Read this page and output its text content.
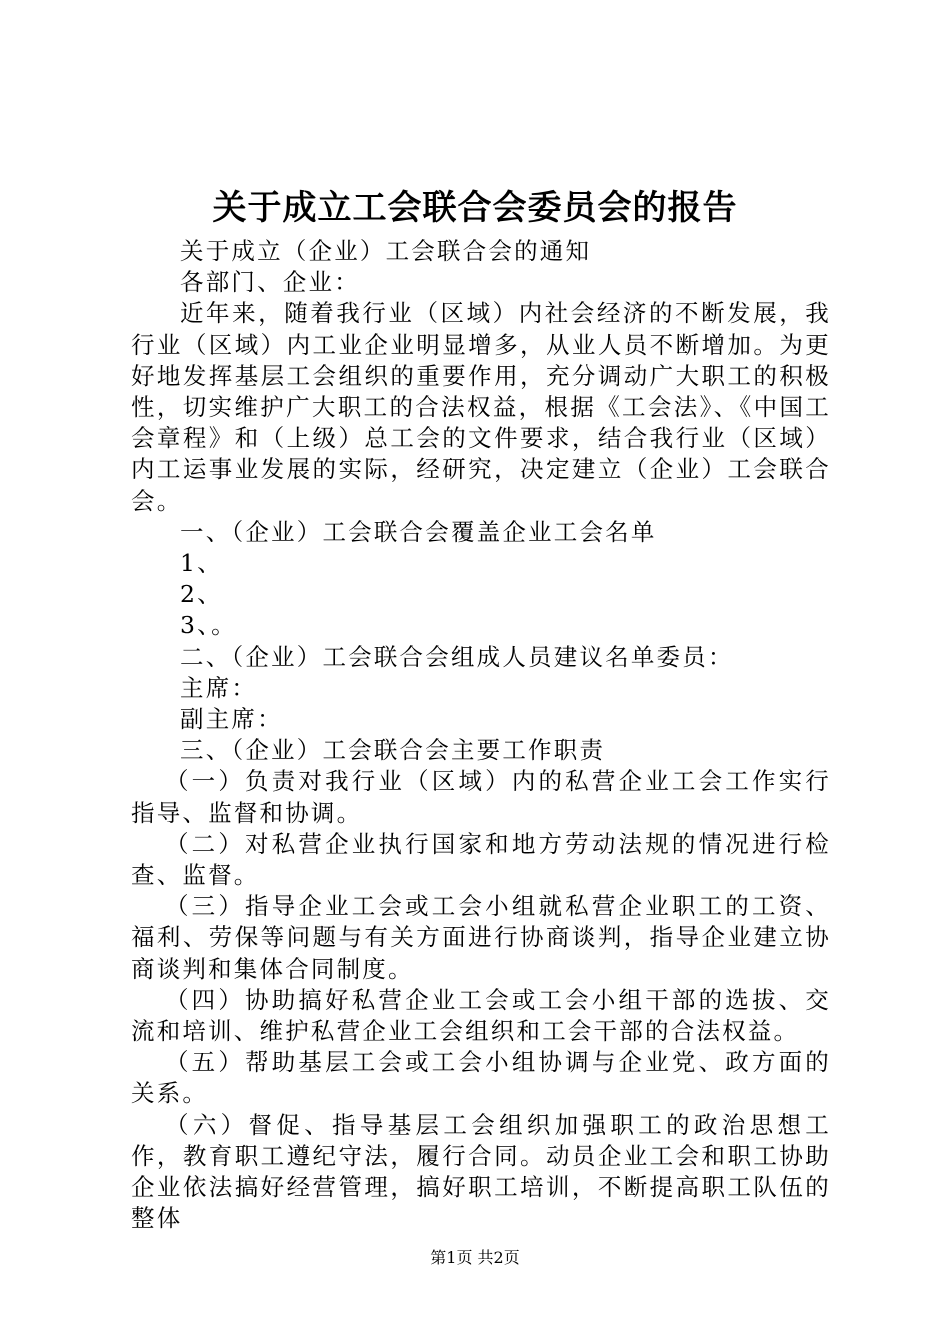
关于成立工会联合会委员会的报告

关于成立（企业）工会联合会的通知

各部门、企业：

近年来，随着我行业（区域）内社会经济的不断发展，我行业（区域）内工业企业明显增多，从业人员不断增加。为更好地发挥基层工会组织的重要作用，充分调动广大职工的积极性，切实维护广大职工的合法权益，根据《工会法》、《中国工会章程》和（上级）总工会的文件要求，结合我行业（区域）内工运事业发展的实际，经研究，决定建立（企业）工会联合会。

一、（企业）工会联合会覆盖企业工会名单

1、

2、

3、。

二、（企业）工会联合会组成人员建议名单委员：

主席：

副主席：

三、（企业）工会联合会主要工作职责

（一）负责对我行业（区域）内的私营企业工会工作实行指导、监督和协调。

（二）对私营企业执行国家和地方劳动法规的情况进行检查、监督。

（三）指导企业工会或工会小组就私营企业职工的工资、福利、劳保等问题与有关方面进行协商谈判，指导企业建立协商谈判和集体合同制度。

（四）协助搞好私营企业工会或工会小组干部的选拔、交流和培训、维护私营企业工会组织和工会干部的合法权益。

（五）帮助基层工会或工会小组协调与企业党、政方面的关系。

（六）督促、指导基层工会组织加强职工的政治思想工作，教育职工遵纪守法，履行合同。动员企业工会和职工协助企业依法搞好经营管理，搞好职工培训，不断提高职工队伍的整体

第1页 共2页
